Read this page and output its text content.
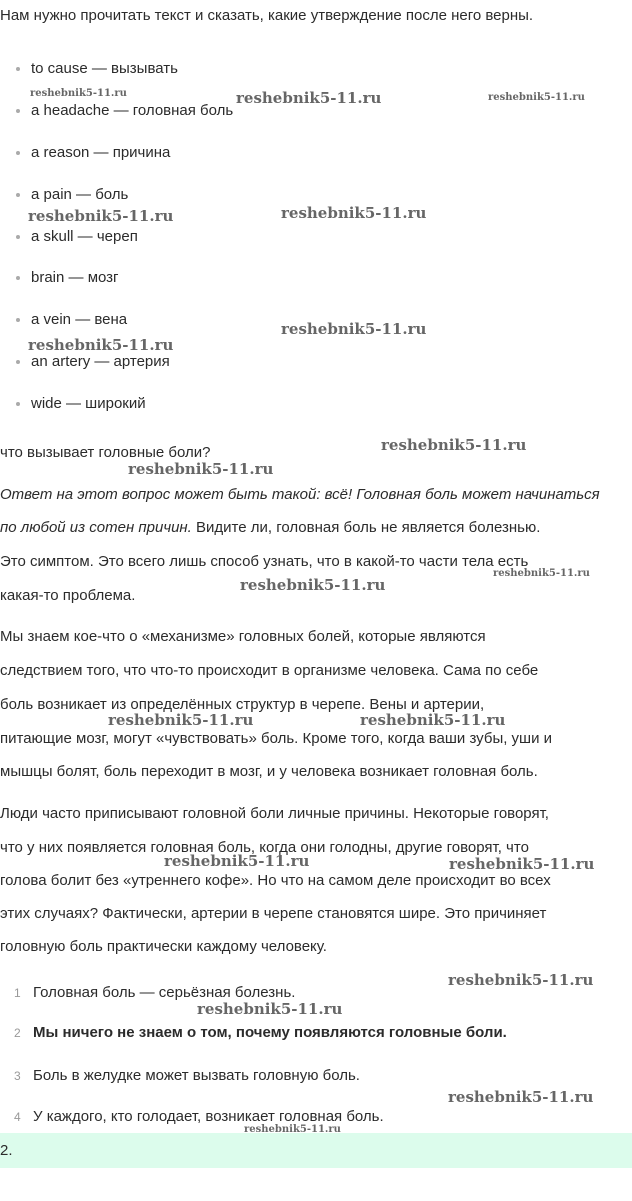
Нам нужно прочитать текст и сказать, какие утверждение после него верны.
to cause — вызывать
a headache — головная боль
a reason — причина
a pain — боль
a skull — череп
brain — мозг
a vein — вена
an artery — артерия
wide — широкий
что вызывает головные боли?
Ответ на этот вопрос может быть такой: всё! Головная боль может начинаться
по любой из сотен причин. Видите ли, головная боль не является болезнью.
Это симптом. Это всего лишь способ узнать, что в какой-то части тела есть
какая-то проблема.
Мы знаем кое-что о «механизме» головных болей, которые являются
следствием того, что что-то происходит в организме человека. Сама по себе
боль возникает из определённых структур в черепе. Вены и артерии,
питающие мозг, могут «чувствовать» боль. Кроме того, когда ваши зубы, уши и
мышцы болят, боль переходит в мозг, и у человека возникает головная боль.
Люди часто приписывают головной боли личные причины. Некоторые говорят,
что у них появляется головная боль, когда они голодны, другие говорят, что
голова болит без «утреннего кофе». Но что на самом деле происходит во всех
этих случаях? Фактически, артерии в черепе становятся шире. Это причиняет
головную боль практически каждому человеку.
1 Головная боль — серьёзная болезнь.
2 Мы ничего не знаем о том, почему появляются головные боли.
3 Боль в желудке может вызвать головную боль.
4 У каждого, кто голодает, возникает головная боль.
2.
reshebnik5-11.ru	reshebnik5-11.ru	reshebnik5-11.ru
reshebnik5-11.ru	reshebnik5-11.ru
reshebnik5-11.ru
reshebnik5-11.ru
reshebnik5-11.ru
reshebnik5-11.ru
reshebnik5-11.ru
reshebnik5-11.ru
reshebnik5-11.ru	reshebnik5-11.ru
reshebnik5-11.ru	reshebnik5-11.ru
reshebnik5-11.ru
reshebnik5-11.ru
reshebnik5-11.ru
reshebnik5-11.ru
